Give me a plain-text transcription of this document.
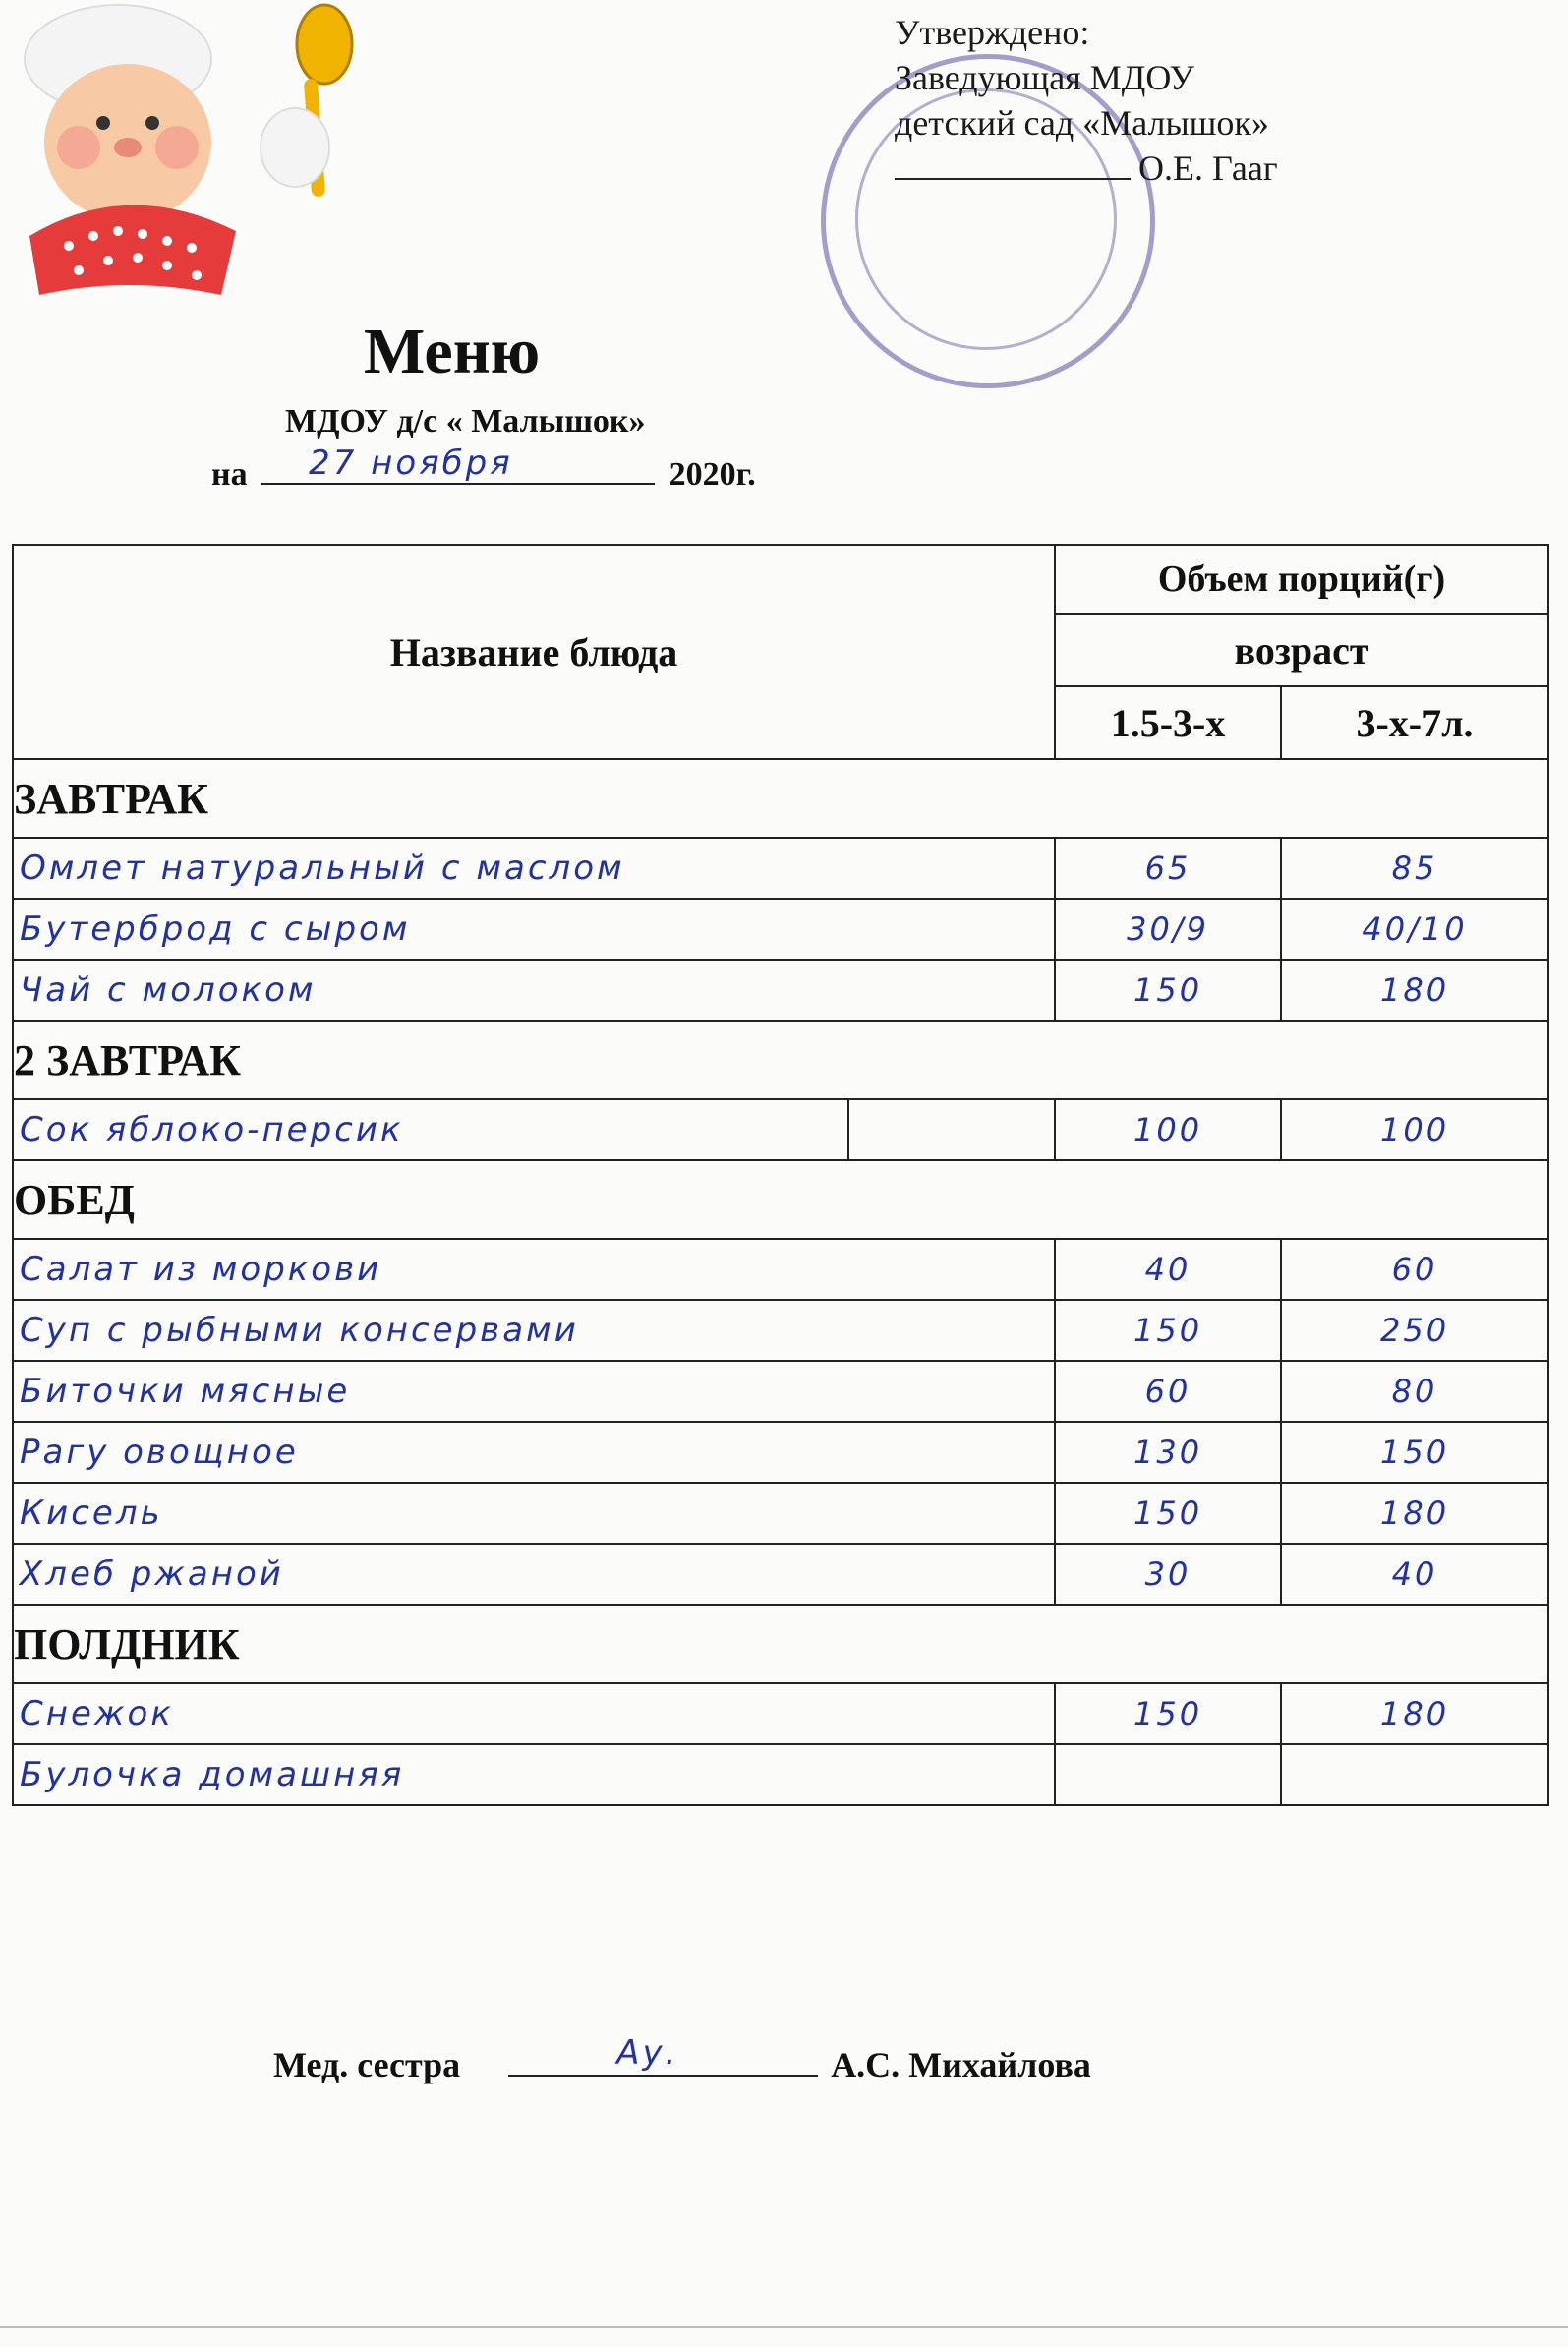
Утверждено:
Заведующая МДОУ
детский сад «Малышок»
О.Е. Гааг
Меню
МДОУ д/с « Малышок»
на 27 ноября	2020г.
Название блюда		Объем порций(г)	
		возраст	
		1.5-3-х	3-х-7л.
ЗАВТРАК			
Омлет натуральный с маслом		65	85
Бутерброд с сыром		30/9	40/10
Чай с молоком		150	180
2 ЗАВТРАК			
Сок яблоко-персик		100	100
ОБЕД			
Салат из моркови		40	60
Суп с рыбными консервами		150	250
Биточки мясные		60	80
Рагу овощное		130	150
Кисель		150	180
Хлеб ржаной		30	40
ПОЛДНИК			
Снежок		150	180
Булочка домашняя			
Мед. сестра	Ау.	А.С. Михайлова
